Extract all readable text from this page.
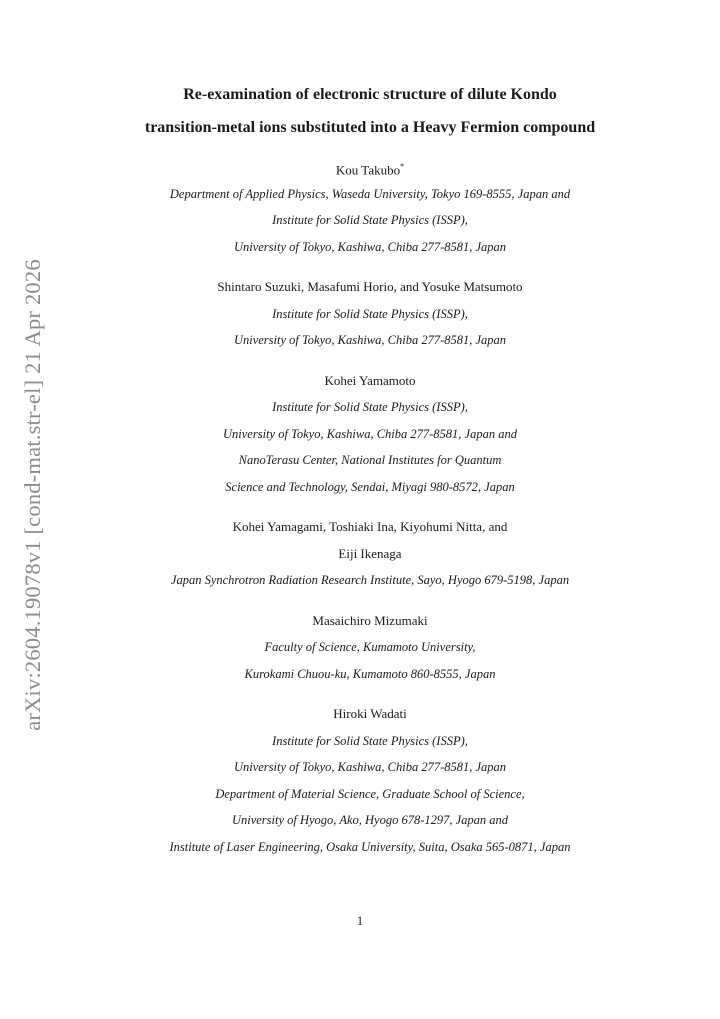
arXiv:2604.19078v1 [cond-mat.str-el] 21 Apr 2026
Re-examination of electronic structure of dilute Kondo
transition-metal ions substituted into a Heavy Fermion compound
Kou Takubo*
Department of Applied Physics, Waseda University, Tokyo 169-8555, Japan and
Institute for Solid State Physics (ISSP),
University of Tokyo, Kashiwa, Chiba 277-8581, Japan
Shintaro Suzuki, Masafumi Horio, and Yosuke Matsumoto
Institute for Solid State Physics (ISSP),
University of Tokyo, Kashiwa, Chiba 277-8581, Japan
Kohei Yamamoto
Institute for Solid State Physics (ISSP),
University of Tokyo, Kashiwa, Chiba 277-8581, Japan and
NanoTerasu Center, National Institutes for Quantum
Science and Technology, Sendai, Miyagi 980-8572, Japan
Kohei Yamagami, Toshiaki Ina, Kiyohumi Nitta, and
Eiji Ikenaga
Japan Synchrotron Radiation Research Institute, Sayo, Hyogo 679-5198, Japan
Masaichiro Mizumaki
Faculty of Science, Kumamoto University,
Kurokami Chuou-ku, Kumamoto 860-8555, Japan
Hiroki Wadati
Institute for Solid State Physics (ISSP),
University of Tokyo, Kashiwa, Chiba 277-8581, Japan
Department of Material Science, Graduate School of Science,
University of Hyogo, Ako, Hyogo 678-1297, Japan and
Institute of Laser Engineering, Osaka University, Suita, Osaka 565-0871, Japan
1
